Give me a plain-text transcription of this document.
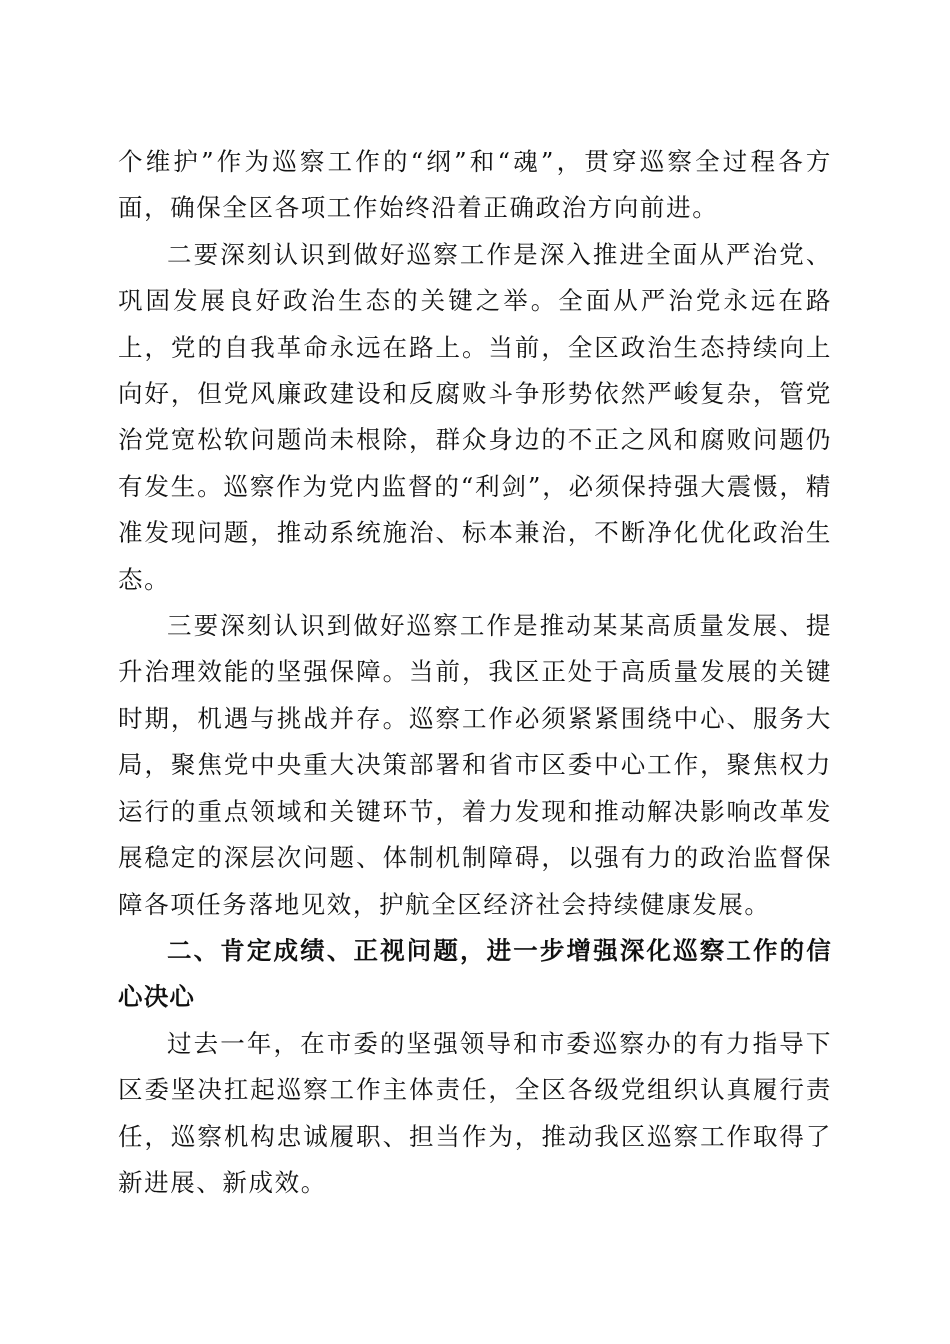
个维护”作为巡察工作的“纲”和“魂”，贯穿巡察全过程各方面，确保全区各项工作始终沿着正确政治方向前进。

二要深刻认识到做好巡察工作是深入推进全面从严治党、巩固发展良好政治生态的关键之举。全面从严治党永远在路上，党的自我革命永远在路上。当前，全区政治生态持续向上向好，但党风廉政建设和反腐败斗争形势依然严峻复杂，管党治党宽松软问题尚未根除，群众身边的不正之风和腐败问题仍有发生。巡察作为党内监督的“利剑”，必须保持强大震慑，精准发现问题，推动系统施治、标本兼治，不断净化优化政治生态。

三要深刻认识到做好巡察工作是推动某某高质量发展、提升治理效能的坚强保障。当前，我区正处于高质量发展的关键时期，机遇与挑战并存。巡察工作必须紧紧围绕中心、服务大局，聚焦党中央重大决策部署和省市区委中心工作，聚焦权力运行的重点领域和关键环节，着力发现和推动解决影响改革发展稳定的深层次问题、体制机制障碍，以强有力的政治监督保障各项任务落地见效，护航全区经济社会持续健康发展。

二、肯定成绩、正视问题，进一步增强深化巡察工作的信心决心

过去一年，在市委的坚强领导和市委巡察办的有力指导下区委坚决扛起巡察工作主体责任，全区各级党组织认真履行责任，巡察机构忠诚履职、担当作为，推动我区巡察工作取得了新进展、新成效。
